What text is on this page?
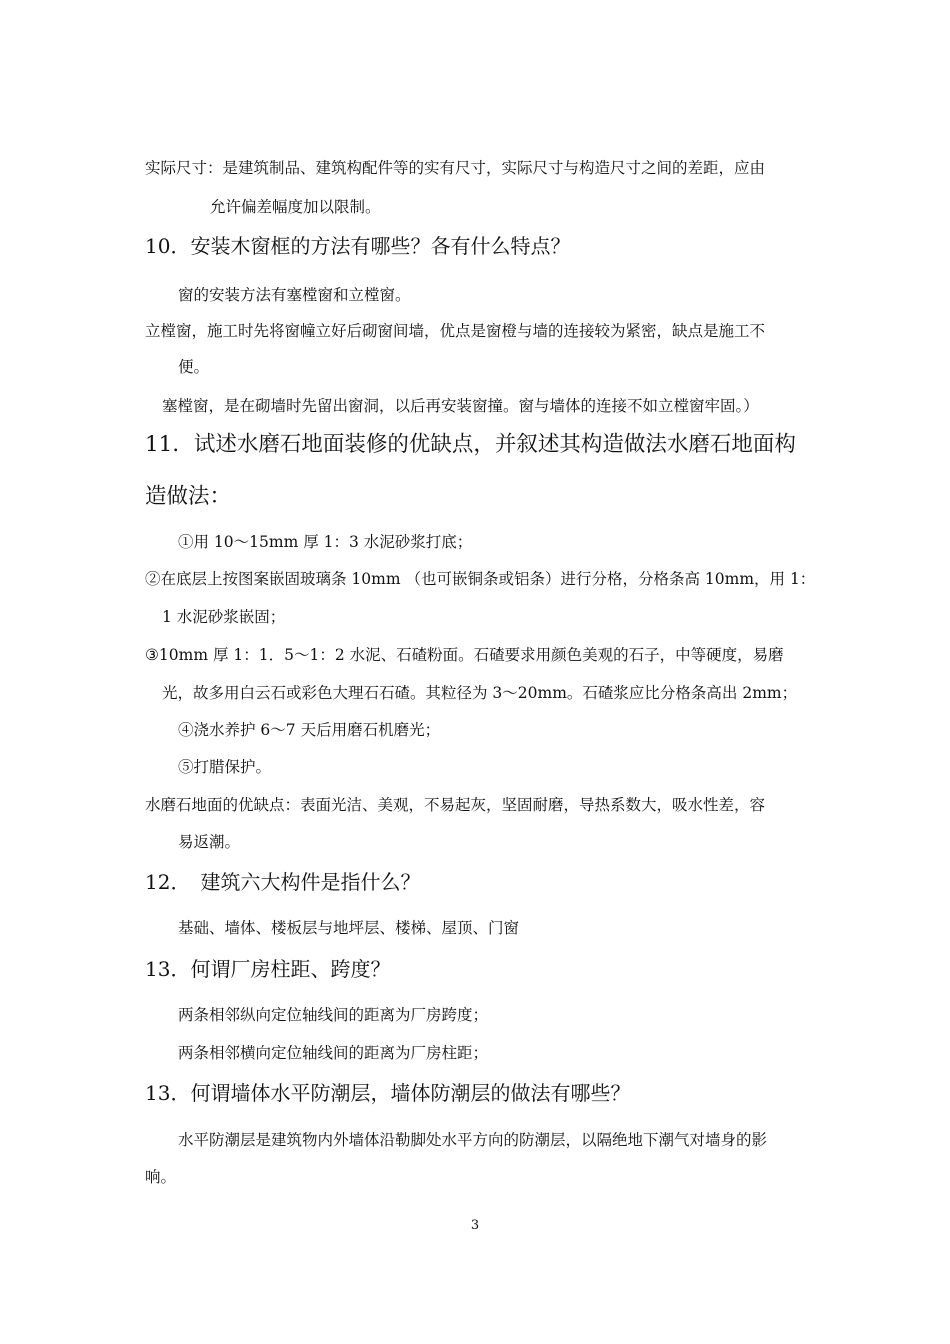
实际尺寸：是建筑制品、建筑构配件等的实有尺寸，实际尺寸与构造尺寸之间的差距，应由
允许偏差幅度加以限制。
10．安装木窗框的方法有哪些？各有什么特点？
窗的安装方法有塞樘窗和立樘窗。
立樘窗，施工时先将窗幢立好后砌窗间墙，优点是窗橙与墙的连接较为紧密，缺点是施工不
便。
塞樘窗，是在砌墙时先留出窗洞，以后再安装窗撞。窗与墙体的连接不如立樘窗牢固。）
11．试述水磨石地面装修的优缺点，并叙述其构造做法水磨石地面构
造做法：
①用 10～15mm 厚 1：3 水泥砂浆打底；
②在底层上按图案嵌固玻璃条 10mm （也可嵌铜条或铝条）进行分格，分格条高 10mm，用 1：
1 水泥砂浆嵌固；
③10mm 厚 1：1．5～1：2 水泥、石碴粉面。石碴要求用颜色美观的石子，中等硬度，易磨
光，故多用白云石或彩色大理石石碴。其粒径为 3～20mm。石碴浆应比分格条高出 2mm；
④浇水养护 6～7 天后用磨石机磨光；
⑤打腊保护。
水磨石地面的优缺点：表面光洁、美观，不易起灰，坚固耐磨，导热系数大，吸水性差，容
易返潮。
12．　建筑六大构件是指什么？
基础、墙体、楼板层与地坪层、楼梯、屋顶、门窗
13．何谓厂房柱距、跨度？
两条相邻纵向定位轴线间的距离为厂房跨度；
两条相邻横向定位轴线间的距离为厂房柱距；
13．何谓墙体水平防潮层，墙体防潮层的做法有哪些？
水平防潮层是建筑物内外墙体沿勒脚处水平方向的防潮层，以隔绝地下潮气对墙身的影
响。
3
